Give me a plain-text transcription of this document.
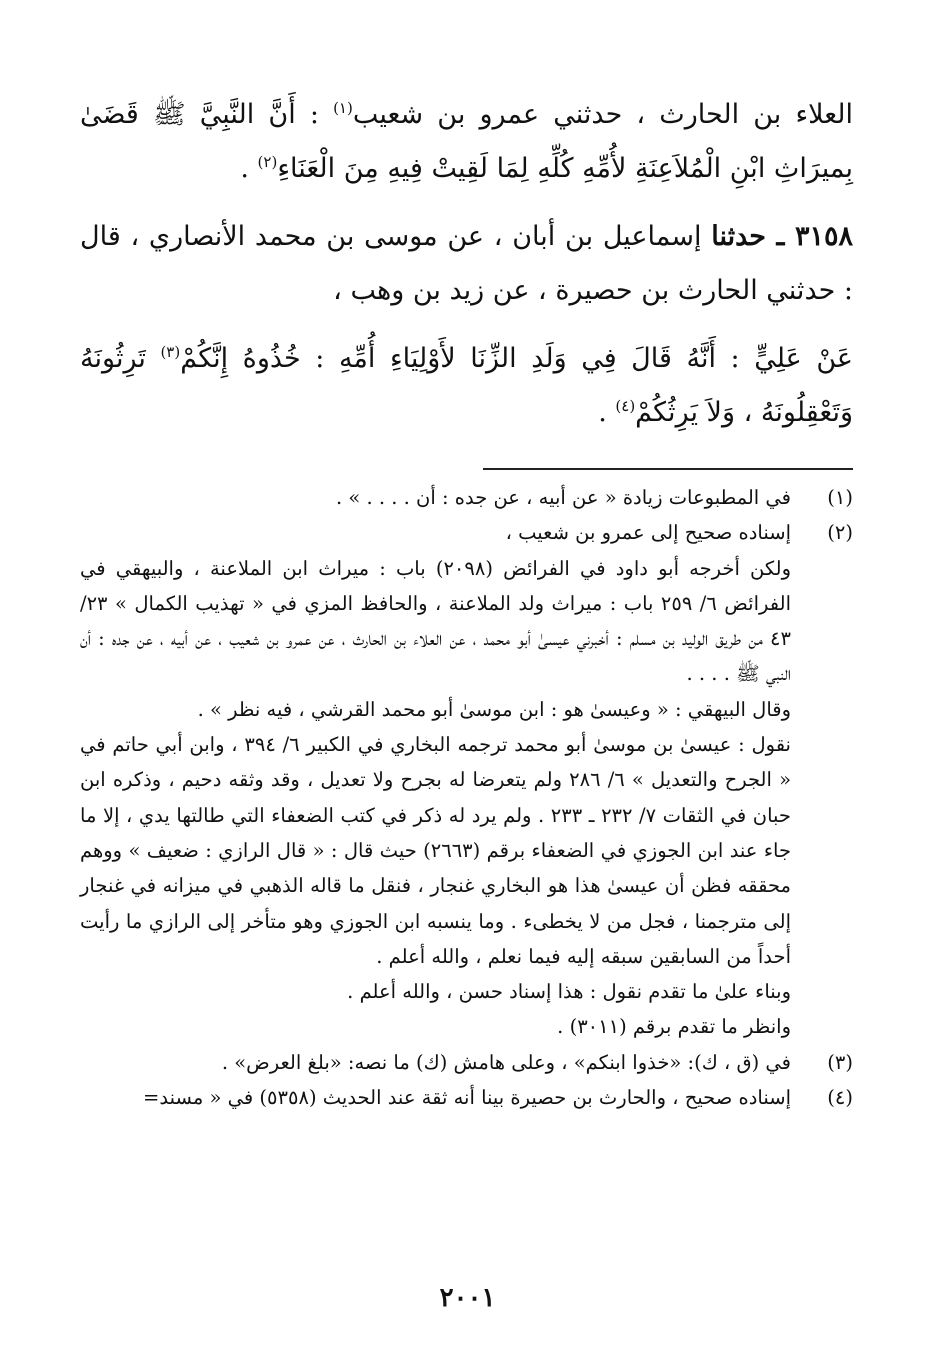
العلاء بن الحارث ، حدثني عمرو بن شعيب$^{(١)}$ : أَنَّ النَّبِيَّ ﷺ قَضَىٰ بِميرَاثِ ابْنِ الْمُلاَعِنَةِ لأُمِّهِ كُلِّهِ لِمَا لَقِيتْ فِيهِ مِنَ الْعَنَاءِ$^{(٢)}$ .

٣١٥٨ ـ حدثنا إسماعيل بن أبان ، عن موسى بن محمد الأنصاري ، قال : حدثني الحارث بن حصيرة ، عن زيد بن وهب ،

عَنْ عَلِيٍّ : أَنَّهُ قَالَ فِي وَلَدِ الزِّنَا لأَوْلِيَاءِ أُمِّهِ : خُذُوهُ إِنَّكُمْ$^{(٣)}$ تَرِثُونَهُ وَتَعْقِلُونَهُ ، وَلاَ يَرِثُكُمْ$^{(٤)}$ .

(١)

في المطبوعات زيادة « عن أبيه ، عن جده : أن . . . . » .

(٢)

إسناده صحيح إلى عمرو بن شعيب ،

ولكن أخرجه أبو داود في الفرائض (٢٠٩٨) باب : ميراث ابن الملاعنة ، والبيهقي في الفرائض ٦/ ٢٥٩ باب : ميراث ولد الملاعنة ، والحافظ المزي في « تهذيب الكمال » ٢٣/ ٤٣ من طريق الوليد بن مسلم : أخبرني عيسىٰ أبو محمد ، عن العلاء بن الحارث ، عن عمرو بن شعيب ، عن أبيه ، عن جده : أن النبي ﷺ . . . .

وقال البيهقي : « وعيسىٰ هو : ابن موسىٰ أبو محمد القرشي ، فيه نظر » .

نقول : عيسىٰ بن موسىٰ أبو محمد ترجمه البخاري في الكبير ٦/ ٣٩٤ ، وابن أبي حاتم في « الجرح والتعديل » ٦/ ٢٨٦ ولم يتعرضا له بجرح ولا تعديل ، وقد وثقه دحيم ، وذكره ابن حبان في الثقات ٧/ ٢٣٢ ـ ٢٣٣ . ولم يرد له ذكر في كتب الضعفاء التي طالتها يدي ، إلا ما جاء عند ابن الجوزي في الضعفاء برقم (٢٦٦٣) حيث قال : « قال الرازي : ضعيف » ووهم محققه فظن أن عيسىٰ هذا هو البخاري غنجار ، فنقل ما قاله الذهبي في ميزانه في غنجار إلى مترجمنا ، فجل من لا يخطىء . وما ينسبه ابن الجوزي وهو متأخر إلى الرازي ما رأيت أحداً من السابقين سبقه إليه فيما نعلم ، والله أعلم .

وبناء علىٰ ما تقدم نقول : هذا إسناد حسن ، والله أعلم .

وانظر ما تقدم برقم (٣٠١١) .

(٣)

في (ق ، ك): «خذوا ابنكم» ، وعلى هامش (ك) ما نصه: «بلغ العرض» .

(٤)

إسناده صحيح ، والحارث بن حصيرة بينا أنه ثقة عند الحديث (٥٣٥٨) في « مسند=

٢٠٠١
